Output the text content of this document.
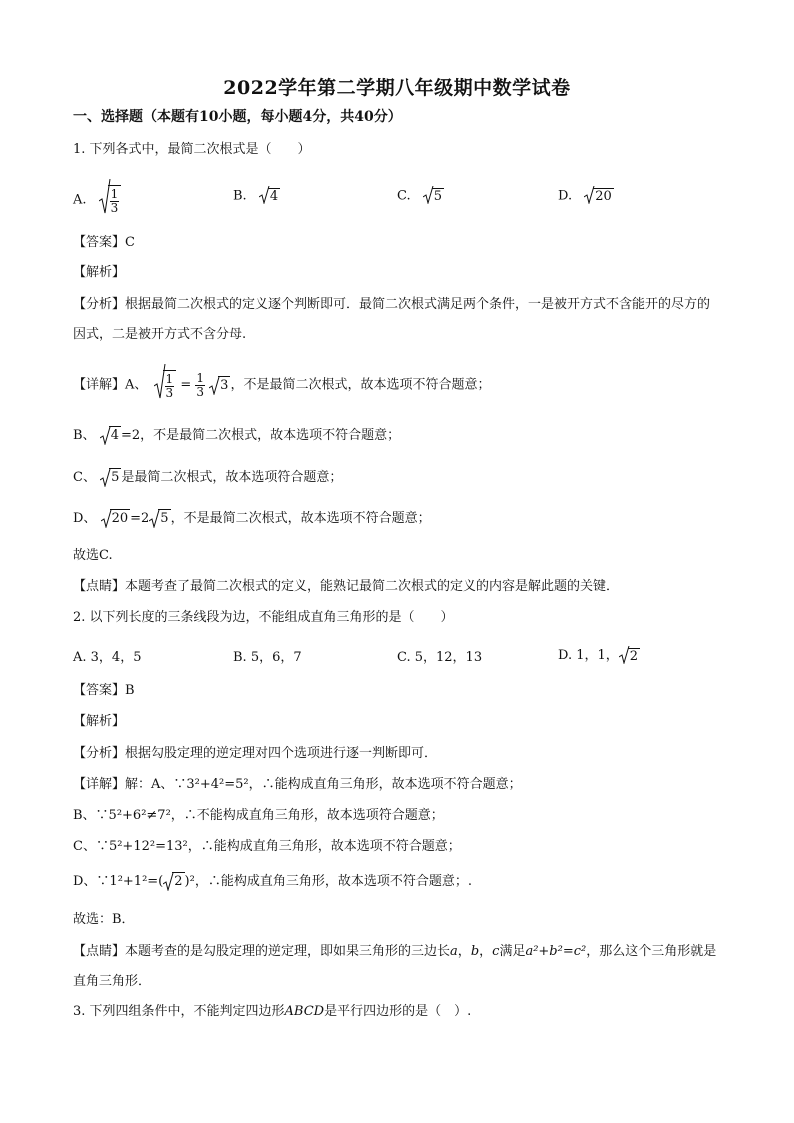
2022学年第二学期八年级期中数学试卷
一、选择题（本题有10小题，每小题4分，共40分）
1. 下列各式中，最简二次根式是（　　）
A. $\frac{1}{3}$	B. 4	C. 5	D. 20
【答案】C
【解析】
【分析】根据最简二次根式的定义逐个判断即可．最简二次根式满足两个条件，一是被开方式不含能开的尽方的因式，二是被开方式不含分母.
【详解】A、 $\frac{1}{3} = \frac{1}{3}$
3 ，不是最简二次根式，故本选项不符合题意；
B、 4 =2，不是最简二次根式，故本选项不符合题意；
C、 5 是最简二次根式，故本选项符合题意；
D、 20 =2 5 ，不是最简二次根式，故本选项不符合题意；
故选C.
【点睛】本题考查了最简二次根式的定义，能熟记最简二次根式的定义的内容是解此题的关键．
2. 以下列长度的三条线段为边，不能组成直角三角形的是（　　）
A. 3，4，5	B. 5，6，7	C. 5，12，13	D. 1，1， 2
【答案】B
【解析】
【分析】根据勾股定理的逆定理对四个选项进行逐一判断即可．
【详解】解：A、∵3²+4²=5²，∴能构成直角三角形，故本选项不符合题意；
B、∵5²+6²≠7²，∴不能构成直角三角形，故本选项符合题意；
C、∵5²+12²=13²，∴能构成直角三角形，故本选项不符合题意；
D、∵1²+1²=( 2 )²，∴能构成直角三角形，故本选项不符合题意；.
故选：B．
【点睛】本题考查的是勾股定理的逆定理，即如果三角形的三边长a，b，c满足a²+b²=c²，那么这个三角形就是直角三角形．
3. 下列四组条件中，不能判定四边形ABCD是平行四边形的是（　）.
